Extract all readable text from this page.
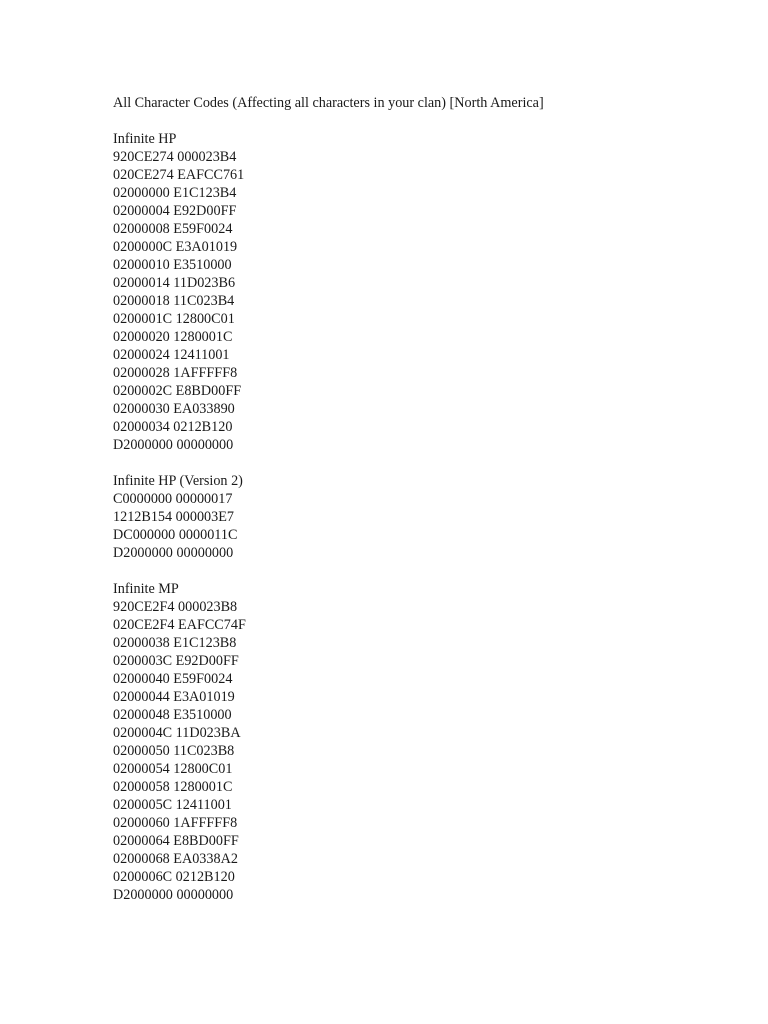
All Character Codes (Affecting all characters in your clan) [North America]
Infinite HP
920CE274 000023B4
020CE274 EAFCC761
02000000 E1C123B4
02000004 E92D00FF
02000008 E59F0024
0200000C E3A01019
02000010 E3510000
02000014 11D023B6
02000018 11C023B4
0200001C 12800C01
02000020 1280001C
02000024 12411001
02000028 1AFFFFF8
0200002C E8BD00FF
02000030 EA033890
02000034 0212B120
D2000000 00000000
Infinite HP (Version 2)
C0000000 00000017
1212B154 000003E7
DC000000 0000011C
D2000000 00000000
Infinite MP
920CE2F4 000023B8
020CE2F4 EAFCC74F
02000038 E1C123B8
0200003C E92D00FF
02000040 E59F0024
02000044 E3A01019
02000048 E3510000
0200004C 11D023BA
02000050 11C023B8
02000054 12800C01
02000058 1280001C
0200005C 12411001
02000060 1AFFFFF8
02000064 E8BD00FF
02000068 EA0338A2
0200006C 0212B120
D2000000 00000000
